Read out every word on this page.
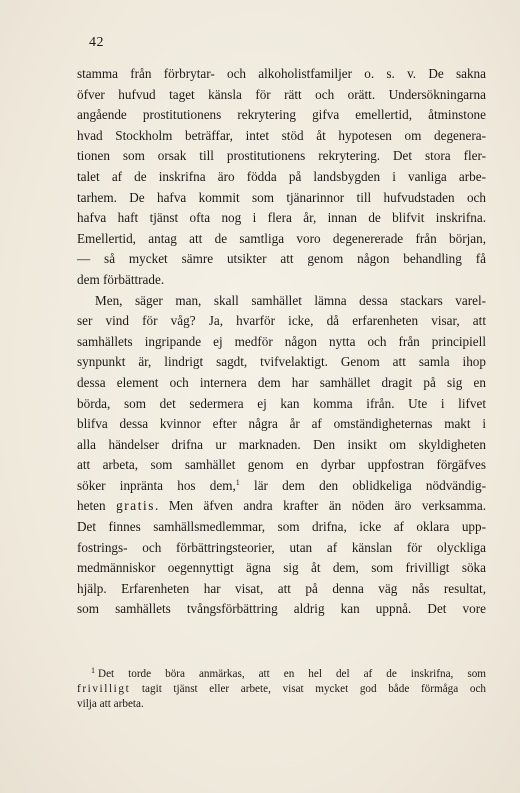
42
stamma från förbrytar- och alkoholistfamiljer o. s. v. De sakna
öfver hufvud taget känsla för rätt och orätt. Undersökningarna
angående prostitutionens rekrytering gifva emellertid, åtminstone
hvad Stockholm beträffar, intet stöd åt hypotesen om degenera-
tionen som orsak till prostitutionens rekrytering. Det stora fler-
talet af de inskrifna äro födda på landsbygden i vanliga arbe-
tarhem. De hafva kommit som tjänarinnor till hufvudstaden och
hafva haft tjänst ofta nog i flera år, innan de blifvit inskrifna.
Emellertid, antag att de samtliga voro degenererade från början,
— så mycket sämre utsikter att genom någon behandling få
dem förbättrade.
Men, säger man, skall samhället lämna dessa stackars varel-
ser vind för våg? Ja, hvarför icke, då erfarenheten visar, att
samhällets ingripande ej medför någon nytta och från principiell
synpunkt är, lindrigt sagdt, tvifvelaktigt. Genom att samla ihop
dessa element och internera dem har samhället dragit på sig en
börda, som det sedermera ej kan komma ifrån. Ute i lifvet
blifva dessa kvinnor efter några år af omständigheternas makt i
alla händelser drifna ur marknaden. Den insikt om skyldigheten
att arbeta, som samhället genom en dyrbar uppfostran förgäfves
söker inpränta hos dem,$^1$ lär dem den oblidkeliga nödvändig-
heten gratis. Men äfven andra krafter än nöden äro verksamma.
Det finnes samhällsmedlemmar, som drifna, icke af oklara upp-
fostrings- och förbättringsteorier, utan af känslan för olyckliga
medmänniskor oegennyttigt ägna sig åt dem, som frivilligt söka
hjälp. Erfarenheten har visat, att på denna väg nås resultat,
som samhällets tvångsförbättring aldrig kan uppnå. Det vore
$^1$ Det torde böra anmärkas, att en hel del af de inskrifna, som
frivilligt tagit tjänst eller arbete, visat mycket god både förmåga och
vilja att arbeta.
